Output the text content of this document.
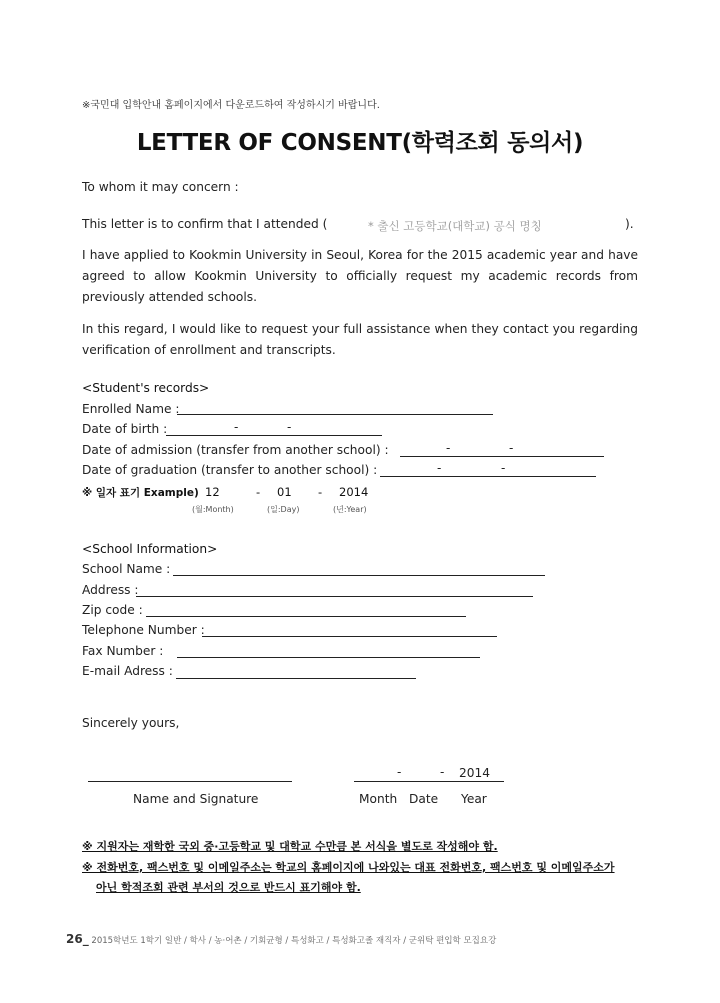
※국민대 입학안내 홈페이지에서 다운로드하여 작성하시기 바랍니다.
LETTER OF CONSENT(학력조회 동의서)
To whom it may concern :
This letter is to confirm that I attended (	* 출신 고등학교(대학교) 공식 명칭	).
I have applied to Kookmin University in Seoul, Korea for the 2015 academic year and have agreed to allow Kookmin University to officially request my academic records from previously attended schools.
In this regard, I would like to request your full assistance when they contact you regarding verification of enrollment and transcripts.
<Student's records>
Enrolled Name :
Date of birth :	-	-
Date of admission (transfer from another school) :	-	-
Date of graduation (transfer to another school) :	-	-
※ 일자 표기 Example) 12	- 01 - 2014
(월:Month)	(일:Day)	(년:Year)
<School Information>
School Name :
Address :
Zip code :
Telephone Number :
Fax Number :
E-mail Adress :
Sincerely yours,
-	- 2014
Name and Signature	Month Date Year
※ 지원자는 재학한 국외 중·고등학교 및 대학교 수만큼 본 서식을 별도로 작성해야 함.
※ 전화번호, 팩스번호 및 이메일주소는 학교의 홈페이지에 나와있는 대표 전화번호, 팩스번호 및 이메일주소가
아닌 학적조회 관련 부서의 것으로 반드시 표기해야 함.
26_ 2015학년도 1학기 일반 / 학사 / 농·어촌 / 기회균형 / 특성화고 / 특성화고졸 재직자 / 군위탁 편입학 모집요강
